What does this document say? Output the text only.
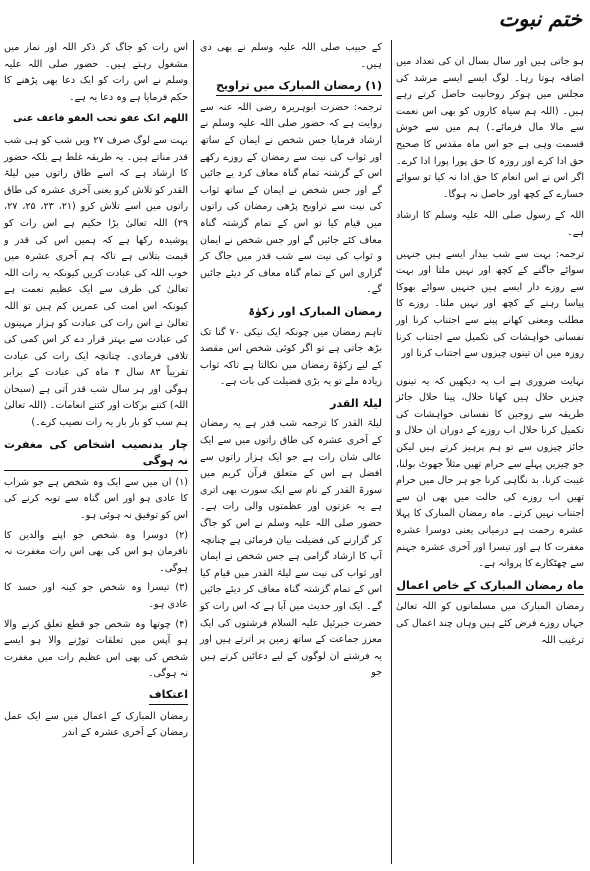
ختم نبوت

ہو جاتی ہیں اور سال بسال ان کی تعداد میں اضافہ ہوتا رہا۔ لوگ ایسے ایسے مرشد کی مجلس میں ہوکر روحانیت حاصل کرتے رہے ہیں۔ (اللہ ہم سیاہ کاروں کو بھی اس نعمت سے مالا مال فرمائے۔) ہم میں سے خوش قسمت وہی ہے جو اس ماہ مقدس کا صحیح حق ادا کرے اور روزہ کا حق پورا پورا ادا کرے۔ اگر اس نے اس انعام کا حق ادا نہ کیا تو سوائے خسارے کے کچھ اور حاصل نہ ہوگا۔

اللہ کے رسول صلی اللہ علیہ وسلم کا ارشاد ہے۔

ترجمہ: بہت سے شب بیدار ایسے ہیں جنہیں سوائے جاگنے کے کچھ اور نہیں ملتا اور بہت سے روزے دار ایسے ہیں جنہیں سوائے بھوکا پیاسا رہنے کے کچھ اور نہیں ملتا۔ روزے کا مطلب ومعنی کھانے پینے سے اجتناب کرنا اور نفسانی خواہشات کی تکمیل سے اجتناب کرنا روزہ میں ان تینوں چیزوں سے اجتناب کرنا اور

نہایت ضروری ہے اب یہ دیکھیں کہ یہ تینوں چیزیں حلال ہیں کھانا حلال، پینا حلال جائز طریقہ سے زوجین کا نفسانی خواہشات کی تکمیل کرنا حلال اب روزے کے دوران ان حلال و جائز چیزوں سے تو ہم پرہیز کرتے ہیں لیکن جو چیزیں پہلے سے حرام تھیں مثلاً جھوٹ بولنا، غیبت کرنا، بد نگاہی کرنا جو ہر حال میں حرام تھیں اب روزے کی حالت میں بھی ان سے اجتناب نہیں کرتے۔ ماہ رمضان المبارک کا پہلا عشرہ رحمت ہے درمیانی یعنی دوسرا عشرہ مغفرت کا ہے اور تیسرا اور آخری عشرہ جہنم سے چھٹکارے کا پروانہ ہے۔

ماہ رمضان المبارک کے خاص اعمال

رمضان المبارک میں مسلمانوں کو اللہ تعالیٰ جہاں روزے فرض کئے ہیں وہاں چند اعمال کی ترغیب اللہ

کے حبیب صلی اللہ علیہ وسلم نے بھی دی ہیں۔

(۱) رمضان المبارک میں تراویح

ترجمہ: حضرت ابوہریرہ رضی اللہ عنہ سے روایت ہے کہ حضور صلی اللہ علیہ وسلم نے ارشاد فرمایا جس شخص نے ایمان کے ساتھ اور ثواب کی نیت سے رمضان کے روزے رکھے اس کے گزشتہ تمام گناہ معاف کرد یے جائیں گے اور جس شخص نے ایمان کے ساتھ ثواب کی نیت سے تراویح پڑھی رمضان کی راتوں میں قیام کیا تو اس کے تمام گزشتہ گناہ معاف کئے جائیں گے اور جس شخص نے ایمان و ثواب کی نیت سے شب قدر میں جاگ کر گزاری اس کے تمام گناہ معاف کر دیئے جائیں گے۔

رمضان المبارک اور زکوٰۃ

تاہم رمضان میں چونکہ ایک نیکی ۷۰ گنا تک بڑھ جاتی ہے تو اگر کوئی شخص اس مقصد کے لیے زکوٰۃ رمضان میں نکالتا ہے تاکہ ثواب زیادہ ملے تو یہ بڑی فضیلت کی بات ہے۔

لیلۃ القدر

لیلۃ القدر کا ترجمہ شب قدر ہے یہ رمضان کے آخری عشرہ کی طاق راتوں میں سے ایک عالی شان رات ہے جو ایک ہزار راتوں سے افضل ہے اس کے متعلق قرآن کریم میں سورۃ القدر کے نام سے ایک سورت بھی اتری ہے یہ عزتوں اور عظمتوں والی رات ہے۔ حضور صلی اللہ علیہ وسلم نے اس کو جاگ کر گزارنے کی فضیلت بیان فرمائی ہے چنانچہ آپ کا ارشاد گرامی ہے جس شخص نے ایمان اور ثواب کی نیت سے لیلۃ القدر میں قیام کیا اس کے تمام گزشتہ گناہ معاف کر دیئے جائیں گے۔ ایک اور حدیث میں آیا ہے کہ اس رات کو حضرت جبرئیل علیہ السلام فرشتوں کی ایک معزز جماعت کے ساتھ زمین پر اترتے ہیں اور یہ فرشتے ان لوگوں کے لیے دعائیں کرتے ہیں جو

اس رات کو جاگ کر ذکر اللہ اور نماز میں مشغول رہتے ہیں۔ حضور صلی اللہ علیہ وسلم نے اس رات کو ایک دعا بھی پڑھنے کا حکم فرمایا ہے وہ دعا یہ ہے۔

اللھم انک عفو تحب العفو فاعف عنی

بہت سے لوگ صرف ۲۷ ویں شب کو ہی شب قدر مناتے ہیں۔ یہ طریقہ غلط ہے بلکہ حضور کا ارشاد ہے کہ اسے طاق راتوں میں لیلۃ القدر کو تلاش کرو یعنی آخری عشرہ کی طاق راتوں میں اسے تلاش کرو (۲۱، ۲۳، ۲۵، ۲۷، ۲۹) اللہ تعالیٰ بڑا حکیم ہے اس رات کو پوشیدہ رکھا ہے کہ ہمیں اس کی قدر و قیمت بتلانی ہے تاکہ ہم آخری عشرہ میں خوب اللہ کی عبادت کریں کیونکہ یہ رات اللہ تعالیٰ کی طرف سے ایک عظیم نعمت ہے کیونکہ اس امت کی عمریں کم ہیں تو اللہ تعالیٰ نے اس رات کی عبادت کو ہزار مہینوں کی عبادت سے بہتر قرار دے کر اس کمی کی تلافی فرمادی۔ چنانچہ ایک رات کی عبادت تقریباً ۸۳ سال ۴ ماہ کی عبادت کے برابر ہوگی اور ہر سال شب قدر آتی ہے (سبحان اللہ) کتنے برکات اور کتنے انعامات۔ (اللہ تعالیٰ ہم سب کو بار بار یہ رات نصیب کرے۔)

چار بدنصیب اشخاص کی مغفرت نہ ہوگی
(۱) ان میں سے ایک وہ شخص ہے جو شراب کا عادی ہو اور اس گناہ سے توبہ کرنے کی اس کو توفیق نہ ہوئی ہو۔
(۲) دوسرا وہ شخص جو اپنے والدین کا نافرمان ہو اس کی بھی اس رات مغفرت نہ ہوگی۔
(۳) تیسرا وہ شخص جو کینہ اور حسد کا عادی ہو۔
(۴) چوتھا وہ شخص جو قطع تعلق کرنے والا ہو آپس میں تعلقات توڑنے والا ہو ایسے شخص کی بھی اس عظیم رات میں مغفرت نہ ہوگی۔
اعتکاف

رمضان المبارک کے اعمال میں سے ایک عمل رمضان کے آخری عشرہ کے اندر
